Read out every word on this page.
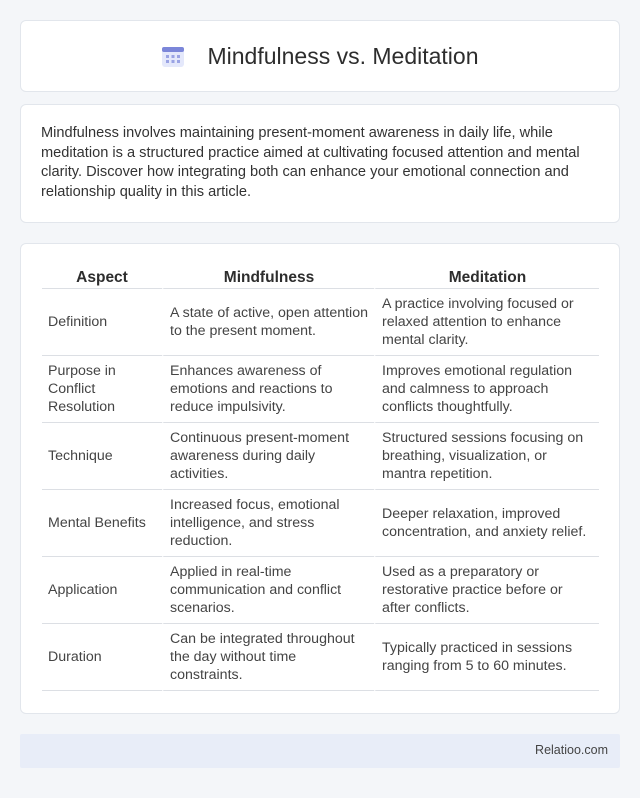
Mindfulness vs. Meditation

Mindfulness involves maintaining present-moment awareness in daily life, while meditation is a structured practice aimed at cultivating focused attention and mental clarity. Discover how integrating both can enhance your emotional connection and relationship quality in this article.

Aspect	Mindfulness	Meditation
Definition	A state of active, open attention to the present moment.	A practice involving focused or relaxed attention to enhance mental clarity.
Purpose in Conflict Resolution	Enhances awareness of emotions and reactions to reduce impulsivity.	Improves emotional regulation and calmness to approach conflicts thoughtfully.
Technique	Continuous present-moment awareness during daily activities.	Structured sessions focusing on breathing, visualization, or mantra repetition.
Mental Benefits	Increased focus, emotional intelligence, and stress reduction.	Deeper relaxation, improved concentration, and anxiety relief.
Application	Applied in real-time communication and conflict scenarios.	Used as a preparatory or restorative practice before or after conflicts.
Duration	Can be integrated throughout the day without time constraints.	Typically practiced in sessions ranging from 5 to 60 minutes.
Relatioo.com
